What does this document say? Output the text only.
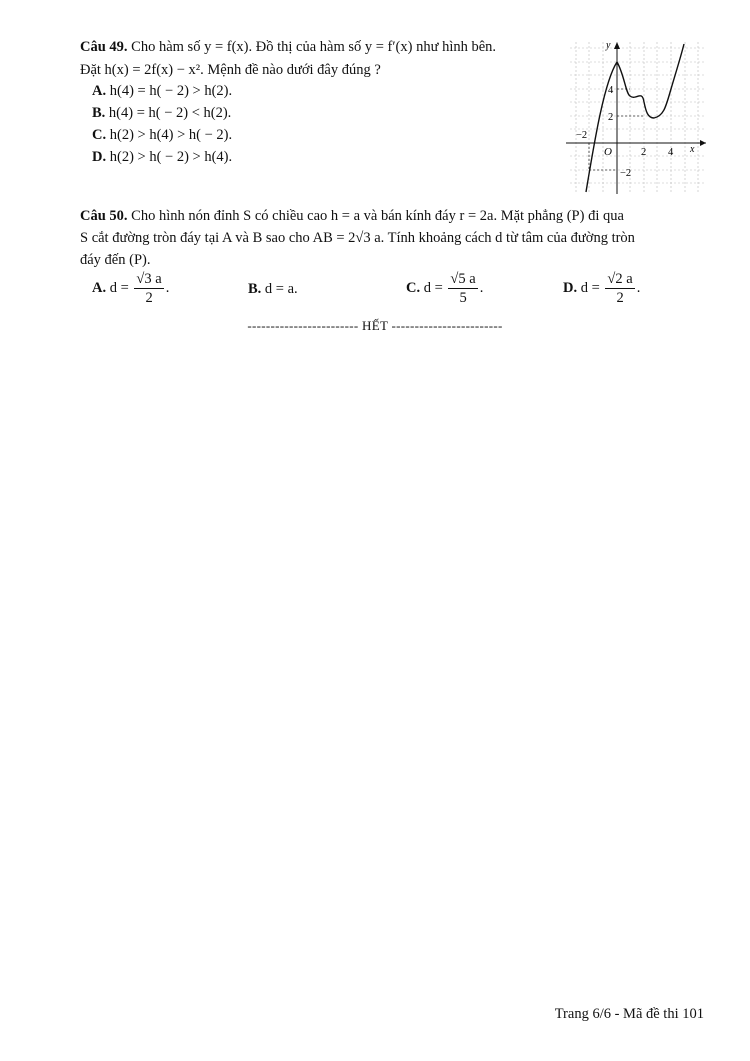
Câu 49. Cho hàm số y = f(x). Đồ thị của hàm số y = f′(x) như hình bên.
Đặt h(x) = 2f(x) − x². Mệnh đề nào dưới đây đúng ?
A. h(4) = h( − 2) > h(2).
B. h(4) = h( − 2) < h(2).
C. h(2) > h(4) > h( − 2).
D. h(2) > h( − 2) > h(4).
y
x
O
4
2
−2
−2
2 4
Câu 50. Cho hình nón đỉnh S có chiều cao h = a và bán kính đáy r = 2a. Mặt phẳng (P) đi qua
S cắt đường tròn đáy tại A và B sao cho AB = 2√3 a. Tính khoảng cách d từ tâm của đường tròn
đáy đến (P).
A. $d = \frac{√3 a}{2}$ .	B. d = a.	C. $d = \frac{√5 a}{5}$ .	D. $d = \frac{√2 a}{2}$ .
------------------------ HẾT ------------------------
Trang 6/6 - Mã đề thi 101
